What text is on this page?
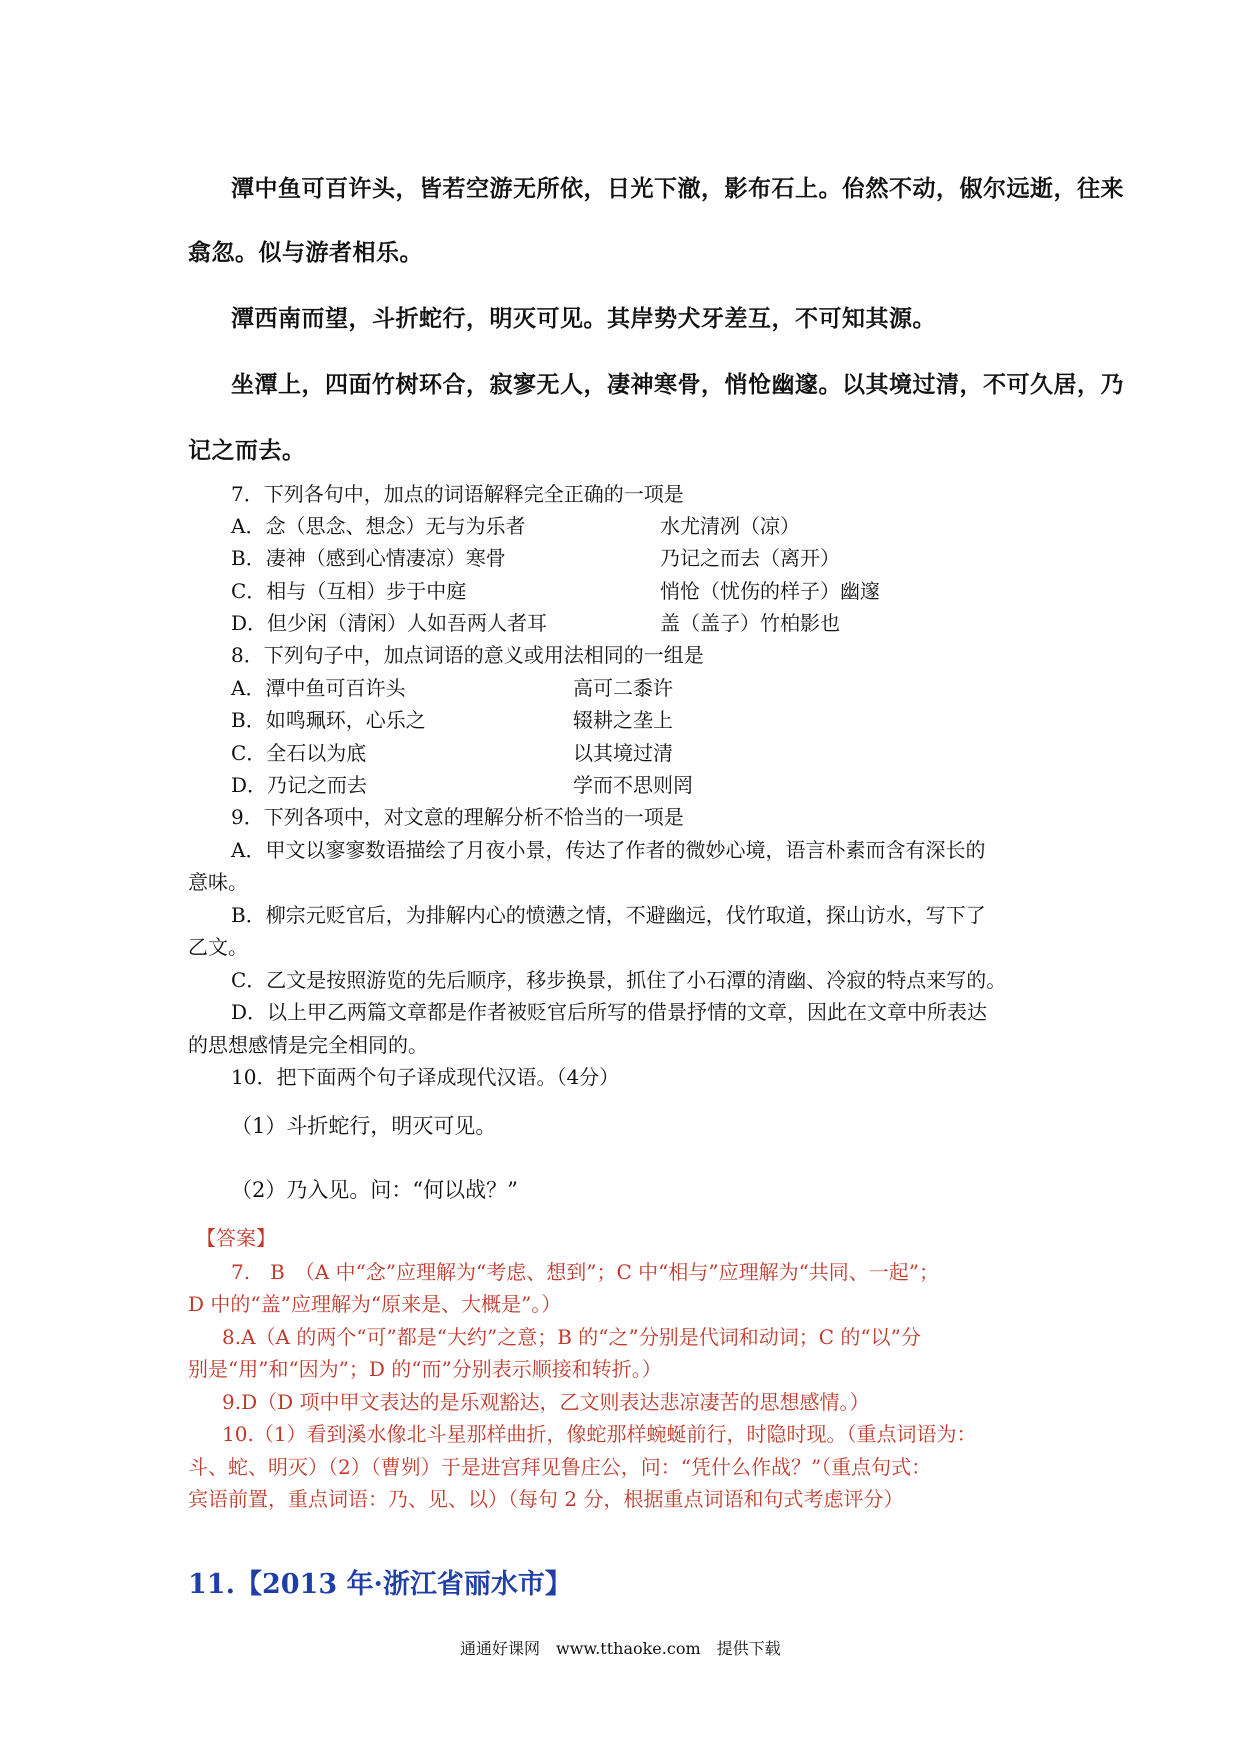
潭中鱼可百许头，皆若空游无所依，日光下澈，影布石上。佁然不动，俶尔远逝，往来
翕忽。似与游者相乐。
潭西南而望，斗折蛇行，明灭可见。其岸势犬牙差互，不可知其源。
坐潭上，四面竹树环合，寂寥无人，凄神寒骨，悄怆幽邃。以其境过清，不可久居，乃
记之而去。
7．下列各句中，加点的词语解释完全正确的一项是
A．念（思念、想念）无与为乐者	水尤清冽（凉）
B．凄神（感到心情凄凉）寒骨	乃记之而去（离开）
C．相与（互相）步于中庭	悄怆（忧伤的样子）幽邃
D．但少闲（清闲）人如吾两人者耳	盖（盖子）竹柏影也
8．下列句子中，加点词语的意义或用法相同的一组是
A．潭中鱼可百许头	高可二黍许
B．如鸣珮环，心乐之	辍耕之垄上
C．全石以为底	以其境过清
D．乃记之而去	学而不思则罔
9．下列各项中，对文意的理解分析不恰当的一项是
A．甲文以寥寥数语描绘了月夜小景，传达了作者的微妙心境，语言朴素而含有深长的
意味。
B．柳宗元贬官后，为排解内心的愤懑之情，不避幽远，伐竹取道，探山访水，写下了
乙文。
C．乙文是按照游览的先后顺序，移步换景，抓住了小石潭的清幽、冷寂的特点来写的。
D．以上甲乙两篇文章都是作者被贬官后所写的借景抒情的文章，因此在文章中所表达
的思想感情是完全相同的。
10．把下面两个句子译成现代汉语。（4分）
（1）斗折蛇行，明灭可见。
（2）乃入见。问：“何以战？”
【答案】
7.　B　（A 中“念”应理解为“考虑、想到”；C 中“相与”应理解为“共同、一起”；
D 中的“盖”应理解为“原来是、大概是”。）
8.A（A 的两个“可”都是“大约”之意；B 的“之”分别是代词和动词；C 的“以”分
别是“用”和“因为”；D 的“而”分别表示顺接和转折。）
9.D（D 项中甲文表达的是乐观豁达，乙文则表达悲凉凄苦的思想感情。）
10.（1）看到溪水像北斗星那样曲折，像蛇那样蜿蜒前行，时隐时现。（重点词语为：
斗、蛇、明灭）（2）（曹刿）于是进宫拜见鲁庄公，问：“凭什么作战？”（重点句式：
宾语前置，重点词语：乃、见、以）（每句 2 分，根据重点词语和句式考虑评分）
11.【2013 年·浙江省丽水市】
通通好课网　www.tthaoke.com　提供下载
